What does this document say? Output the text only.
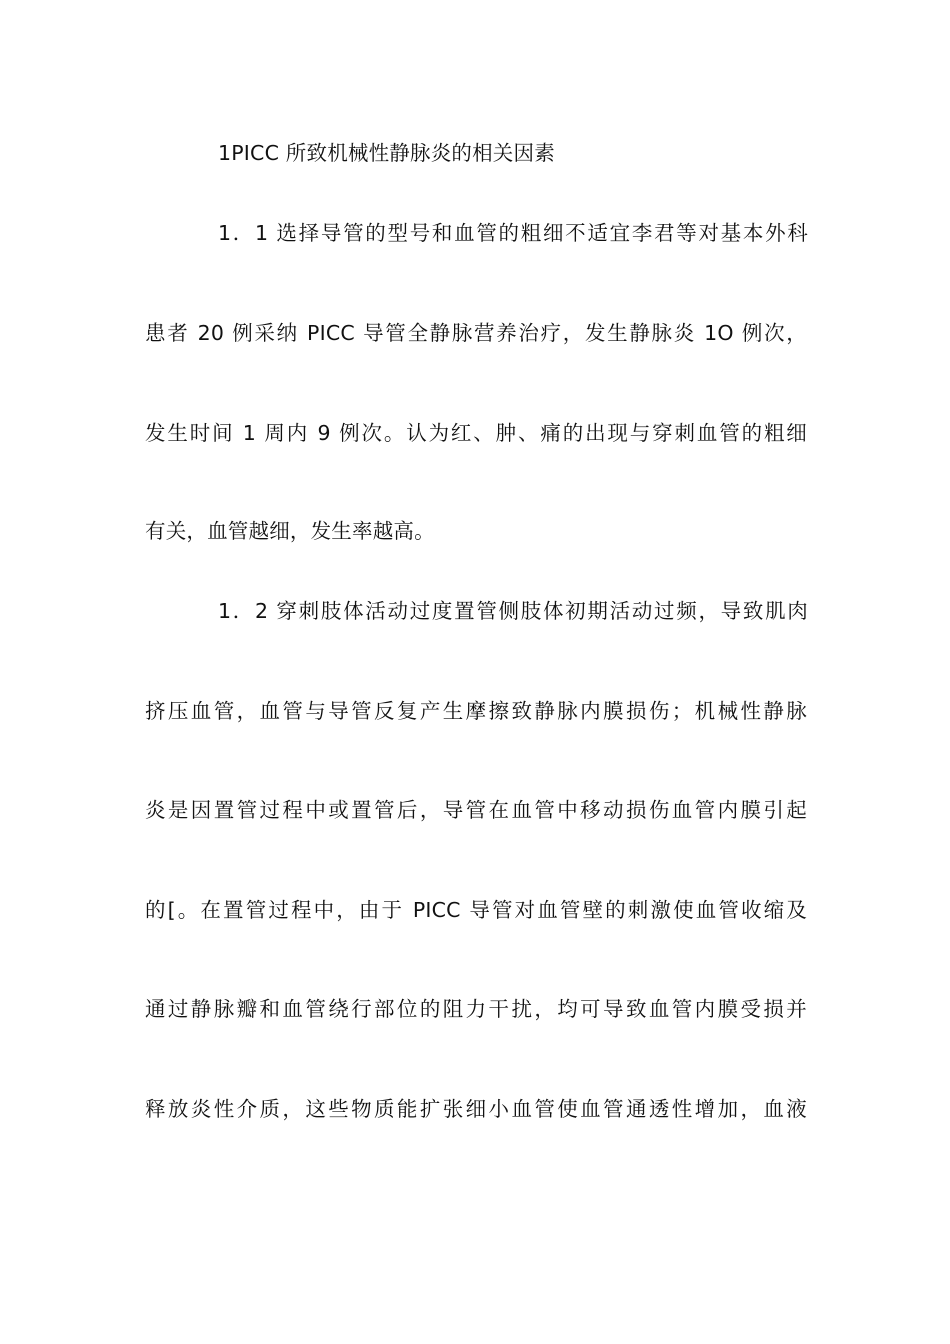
1PICC 所致机械性静脉炎的相关因素
1．1 选择导管的型号和血管的粗细不适宜李君等对基本外科
患者 20 例采纳 PICC 导管全静脉营养治疗，发生静脉炎 1O 例次，
发生时间 1 周内 9 例次。认为红、肿、痛的出现与穿刺血管的粗细
有关，血管越细，发生率越高。
1．2 穿刺肢体活动过度置管侧肢体初期活动过频，导致肌肉
挤压血管，血管与导管反复产生摩擦致静脉内膜损伤；机械性静脉
炎是因置管过程中或置管后，导管在血管中移动损伤血管内膜引起
的[。在置管过程中，由于 PICC 导管对血管壁的刺激使血管收缩及
通过静脉瓣和血管绕行部位的阻力干扰，均可导致血管内膜受损并
释放炎性介质，这些物质能扩张细小血管使血管通透性增加，血液
